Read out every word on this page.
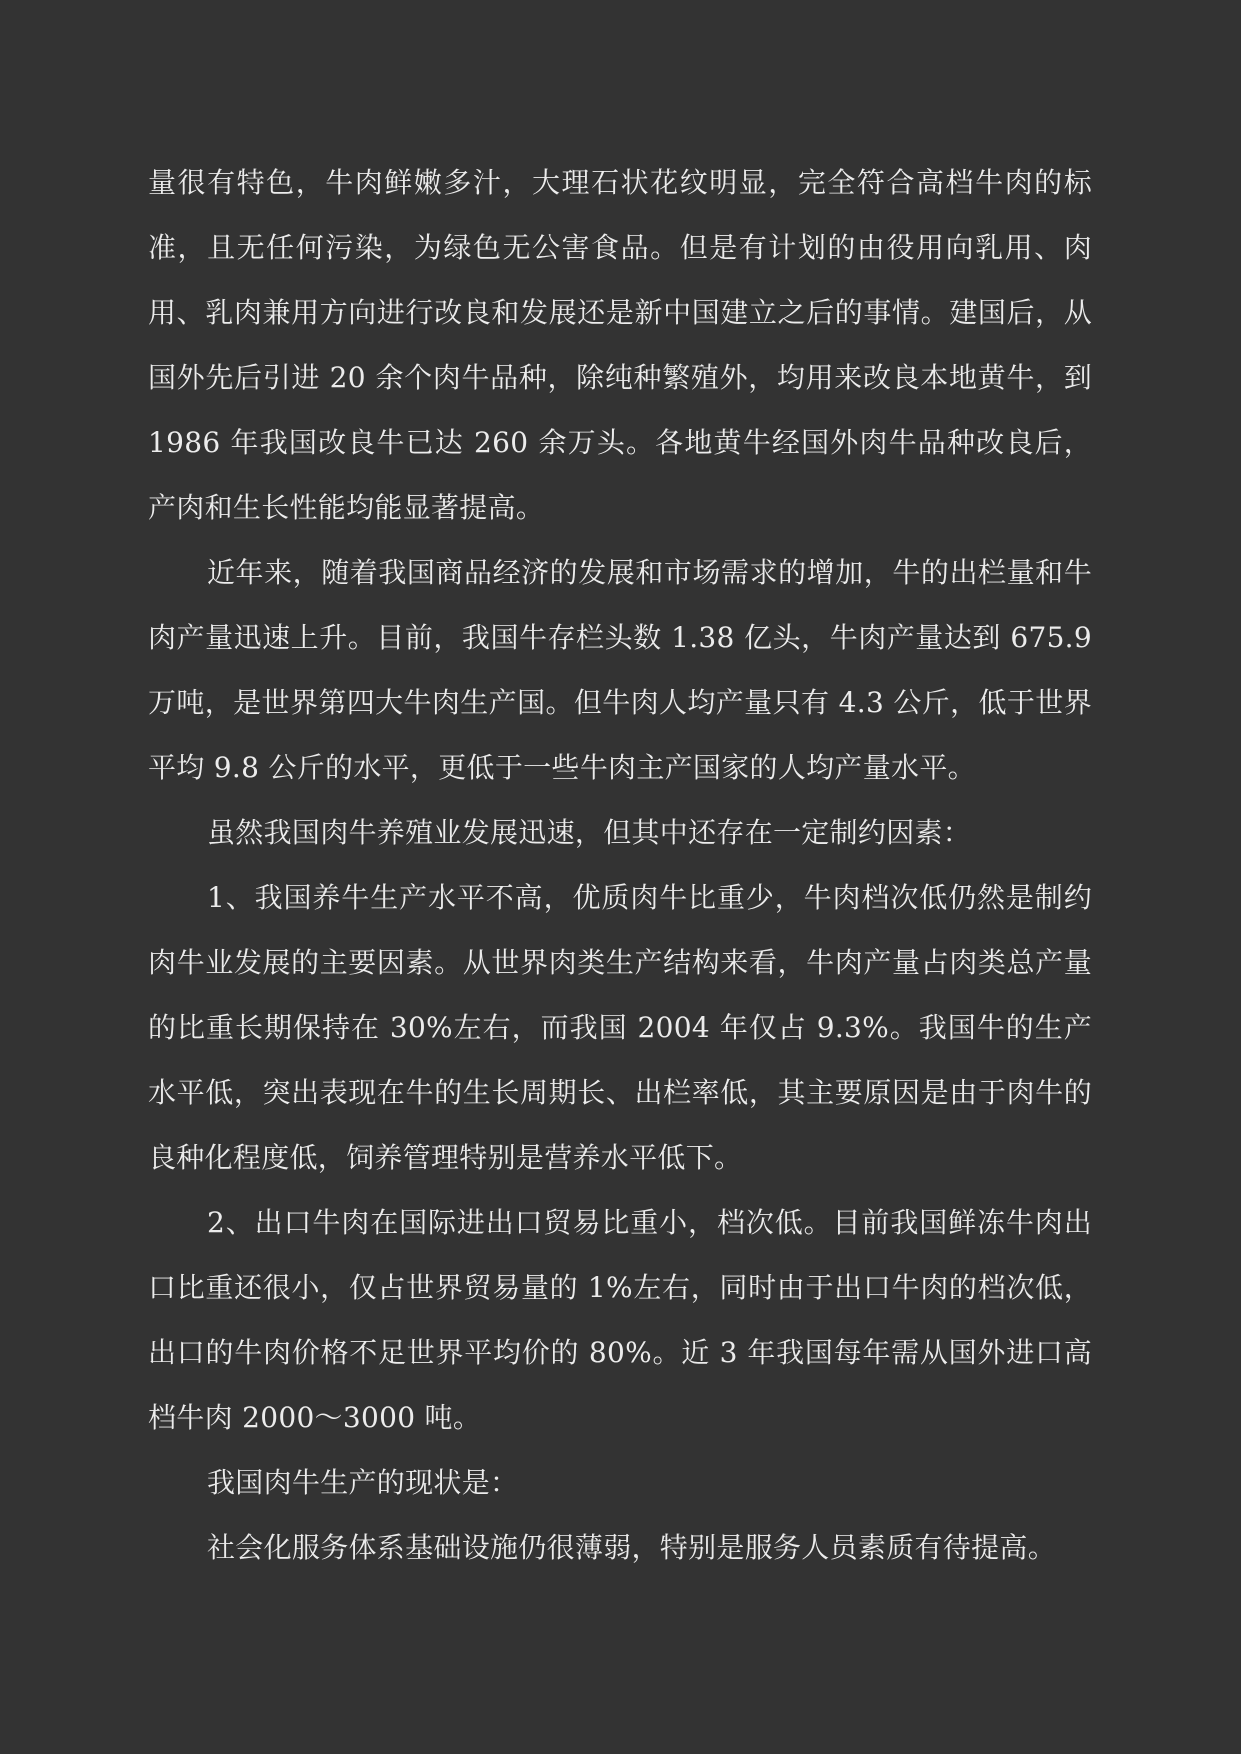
量很有特色，牛肉鲜嫩多汁，大理石状花纹明显，完全符合高档牛肉的标准，且无任何污染，为绿色无公害食品。但是有计划的由役用向乳用、肉用、乳肉兼用方向进行改良和发展还是新中国建立之后的事情。建国后，从国外先后引进 20 余个肉牛品种，除纯种繁殖外，均用来改良本地黄牛，到 1986 年我国改良牛已达 260 余万头。各地黄牛经国外肉牛品种改良后，产肉和生长性能均能显著提高。

近年来，随着我国商品经济的发展和市场需求的增加，牛的出栏量和牛肉产量迅速上升。目前，我国牛存栏头数 1.38 亿头，牛肉产量达到 675.9 万吨，是世界第四大牛肉生产国。但牛肉人均产量只有 4.3 公斤，低于世界平均 9.8 公斤的水平，更低于一些牛肉主产国家的人均产量水平。

虽然我国肉牛养殖业发展迅速，但其中还存在一定制约因素：

1、我国养牛生产水平不高，优质肉牛比重少，牛肉档次低仍然是制约肉牛业发展的主要因素。从世界肉类生产结构来看，牛肉产量占肉类总产量的比重长期保持在 30%左右，而我国 2004 年仅占 9.3%。我国牛的生产水平低，突出表现在牛的生长周期长、出栏率低，其主要原因是由于肉牛的良种化程度低，饲养管理特别是营养水平低下。

2、出口牛肉在国际进出口贸易比重小，档次低。目前我国鲜冻牛肉出口比重还很小，仅占世界贸易量的 1%左右，同时由于出口牛肉的档次低，出口的牛肉价格不足世界平均价的 80%。近 3 年我国每年需从国外进口高档牛肉 2000～3000 吨。

我国肉牛生产的现状是：

社会化服务体系基础设施仍很薄弱，特别是服务人员素质有待提高。
